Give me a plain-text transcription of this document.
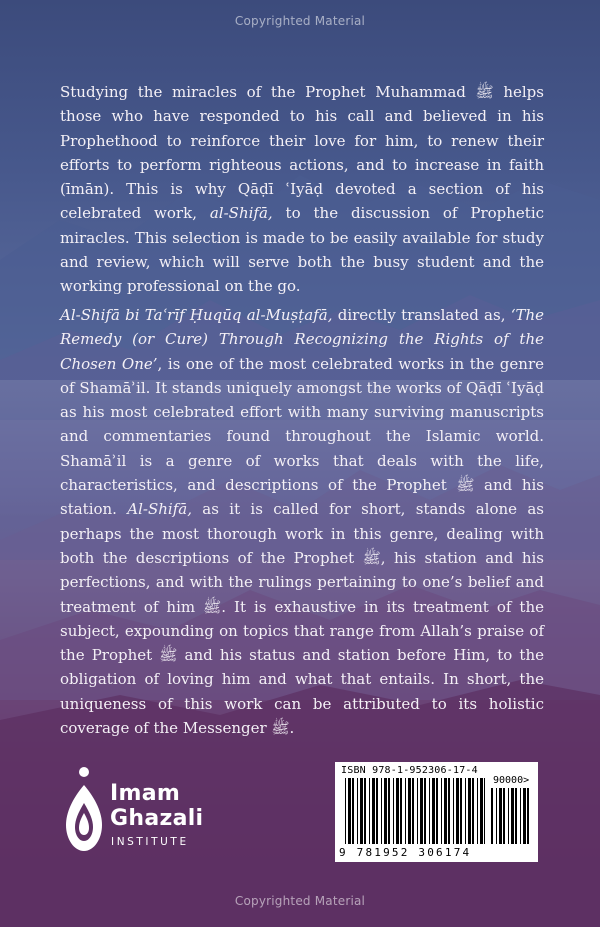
Copyrighted Material

Studying the miracles of the Prophet Muhammad ﷺ helps those who have responded to his call and believed in his Prophethood to reinforce their love for him, to renew their efforts to perform righteous actions, and to increase in faith (īmān). This is why Qāḍī ʿIyāḍ devoted a section of his celebrated work, al-Shifā, to the discussion of Prophetic miracles. This selection is made to be easily available for study and review, which will serve both the busy student and the working professional on the go.

Al-Shifā bi Taʿrīf Ḥuqūq al-Muṣṭafā, directly translated as, ‘The Remedy (or Cure) Through Recognizing the Rights of the Chosen One’, is one of the most celebrated works in the genre of Shamāʾil. It stands uniquely amongst the works of Qāḍī ʿIyāḍ as his most celebrated effort with many surviving manuscripts and commentaries found throughout the Islamic world. Shamāʾil is a genre of works that deals with the life, characteristics, and descriptions of the Prophet ﷺ and his station. Al-Shifā, as it is called for short, stands alone as perhaps the most thorough work in this genre, dealing with both the descriptions of the Prophet ﷺ, his station and his perfections, and with the rulings pertaining to one’s belief and treatment of him ﷺ. It is exhaustive in its treatment of the subject, expounding on topics that range from Allah’s praise of the Prophet ﷺ and his status and station before Him, to the obligation of loving him and what that entails. In short, the uniqueness of this work can be attributed to its holistic coverage of the Messenger ﷺ.

Imam
Ghazali
INSTITUTE
ISBN 978-1-952306-17-4
90000>
9 781952 306174
Copyrighted Material
